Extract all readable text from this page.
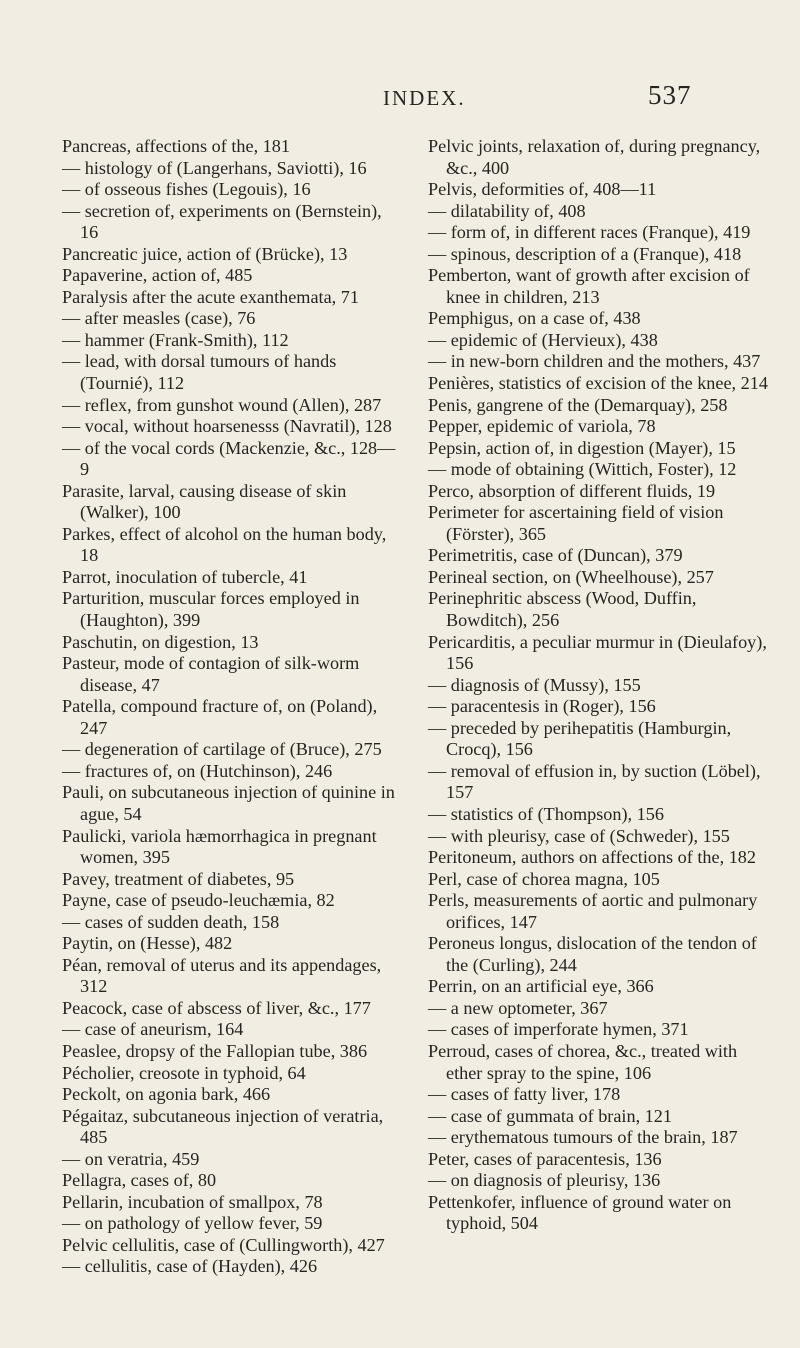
INDEX.	537

Pancreas, affections of the, 181

— histology of (Langerhans, Saviotti), 16

— of osseous fishes (Legouis), 16

— secretion of, experiments on (Bernstein), 16

Pancreatic juice, action of (Brücke), 13

Papaverine, action of, 485

Paralysis after the acute exanthemata, 71

— after measles (case), 76

— hammer (Frank-Smith), 112

— lead, with dorsal tumours of hands (Tournié), 112

— reflex, from gunshot wound (Allen), 287

— vocal, without hoarsenesss (Navratil), 128

— of the vocal cords (Mackenzie, &c., 128—9

Parasite, larval, causing disease of skin (Walker), 100

Parkes, effect of alcohol on the human body, 18

Parrot, inoculation of tubercle, 41

Parturition, muscular forces employed in (Haughton), 399

Paschutin, on digestion, 13

Pasteur, mode of contagion of silk-worm disease, 47

Patella, compound fracture of, on (Poland), 247

— degeneration of cartilage of (Bruce), 275

— fractures of, on (Hutchinson), 246

Pauli, on subcutaneous injection of quinine in ague, 54

Paulicki, variola hæmorrhagica in pregnant women, 395

Pavey, treatment of diabetes, 95

Payne, case of pseudo-leuchæmia, 82

— cases of sudden death, 158

Paytin, on (Hesse), 482

Péan, removal of uterus and its appendages, 312

Peacock, case of abscess of liver, &c., 177

— case of aneurism, 164

Peaslee, dropsy of the Fallopian tube, 386

Pécholier, creosote in typhoid, 64

Peckolt, on agonia bark, 466

Pégaitaz, subcutaneous injection of veratria, 485

— on veratria, 459

Pellagra, cases of, 80

Pellarin, incubation of smallpox, 78

— on pathology of yellow fever, 59

Pelvic cellulitis, case of (Cullingworth), 427

— cellulitis, case of (Hayden), 426

Pelvic joints, relaxation of, during pregnancy, &c., 400

Pelvis, deformities of, 408—11

— dilatability of, 408

— form of, in different races (Franque), 419

— spinous, description of a (Franque), 418

Pemberton, want of growth after excision of knee in children, 213

Pemphigus, on a case of, 438

— epidemic of (Hervieux), 438

— in new-born children and the mothers, 437

Penières, statistics of excision of the knee, 214

Penis, gangrene of the (Demarquay), 258

Pepper, epidemic of variola, 78

Pepsin, action of, in digestion (Mayer), 15

— mode of obtaining (Wittich, Foster), 12

Perco, absorption of different fluids, 19

Perimeter for ascertaining field of vision (Förster), 365

Perimetritis, case of (Duncan), 379

Perineal section, on (Wheelhouse), 257

Perinephritic abscess (Wood, Duffin, Bowditch), 256

Pericarditis, a peculiar murmur in (Dieulafoy), 156

— diagnosis of (Mussy), 155

— paracentesis in (Roger), 156

— preceded by perihepatitis (Hamburgin, Crocq), 156

— removal of effusion in, by suction (Löbel), 157

— statistics of (Thompson), 156

— with pleurisy, case of (Schweder), 155

Peritoneum, authors on affections of the, 182

Perl, case of chorea magna, 105

Perls, measurements of aortic and pulmonary orifices, 147

Peroneus longus, dislocation of the tendon of the (Curling), 244

Perrin, on an artificial eye, 366

— a new optometer, 367

— cases of imperforate hymen, 371

Perroud, cases of chorea, &c., treated with ether spray to the spine, 106

— cases of fatty liver, 178

— case of gummata of brain, 121

— erythematous tumours of the brain, 187

Peter, cases of paracentesis, 136

— on diagnosis of pleurisy, 136

Pettenkofer, influence of ground water on typhoid, 504
